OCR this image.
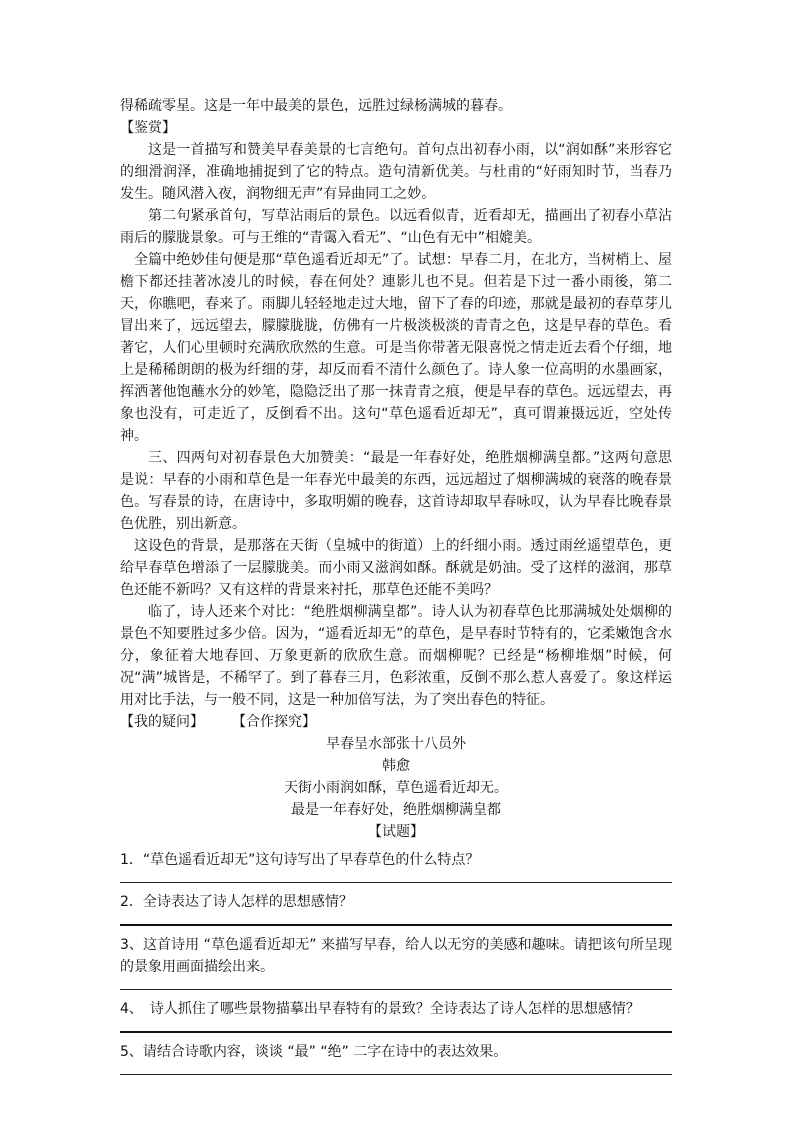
得稀疏零星。这是一年中最美的景色，远胜过绿杨满城的暮春。

【鉴赏】

这是一首描写和赞美早春美景的七言绝句。首句点出初春小雨，以“润如酥”来形容它的细滑润泽，准确地捕捉到了它的特点。造句清新优美。与杜甫的“好雨知时节，当春乃发生。随风潜入夜，润物细无声”有异曲同工之妙。

第二句紧承首句，写草沾雨后的景色。以远看似青，近看却无，描画出了初春小草沾雨后的朦胧景象。可与王维的“青霭入看无”、“山色有无中”相媲美。

全篇中绝妙佳句便是那“草色遥看近却无”了。试想：早春二月，在北方，当树梢上、屋檐下都还挂著冰凌儿的时候，春在何处？連影儿也不見。但若是下过一番小雨後，第二天，你瞧吧，春来了。雨脚儿轻轻地走过大地，留下了春的印迹，那就是最初的春草芽儿冒出来了，远远望去，朦朦胧胧，仿佛有一片极淡极淡的青青之色，这是早春的草色。看著它，人们心里顿时充满欣欣然的生意。可是当你带著无限喜悦之情走近去看个仔细，地上是稀稀朗朗的极为纤细的芽，却反而看不清什么颜色了。诗人象一位高明的水墨画家，挥洒著他饱蘸水分的妙笔，隐隐泛出了那一抹青青之痕，便是早春的草色。远远望去，再象也没有，可走近了，反倒看不出。这句“草色遥看近却无”，真可谓兼摄远近，空处传神。

三、四两句对初春景色大加赞美：“最是一年春好处，绝胜烟柳满皇都。”这两句意思是说：早春的小雨和草色是一年春光中最美的东西，远远超过了烟柳满城的衰落的晚春景色。写春景的诗，在唐诗中，多取明媚的晚春，这首诗却取早春咏叹，认为早春比晚春景色优胜，别出新意。

这设色的背景，是那落在天街（皇城中的街道）上的纤细小雨。透过雨丝遥望草色，更给早春草色增添了一层朦胧美。而小雨又滋润如酥。酥就是奶油。受了这样的滋润，那草色还能不新吗？又有这样的背景来衬托，那草色还能不美吗？

临了，诗人还来个对比：“绝胜烟柳满皇都”。诗人认为初春草色比那满城处处烟柳的景色不知要胜过多少倍。因为，“遥看近却无”的草色，是早春时节特有的，它柔嫩饱含水分，象征着大地春回、万象更新的欣欣生意。而烟柳呢？已经是“杨柳堆烟”时候，何况“满”城皆是，不稀罕了。到了暮春三月，色彩浓重，反倒不那么惹人喜爱了。象这样运用对比手法，与一般不同，这是一种加倍写法，为了突出春色的特征。

【我的疑问】 【合作探究】

早春呈水部张十八员外

韩愈

天街小雨润如酥，草色遥看近却无。

最是一年春好处，绝胜烟柳满皇都

【试题】

1．“草色遥看近却无”这句诗写出了早春草色的什么特点？

2．全诗表达了诗人怎样的思想感情？

3、这首诗用 “草色遥看近却无” 来描写早春，给人以无穷的美感和趣味。请把该句所呈现的景象用画面描绘出来。

4、　诗人抓住了哪些景物描摹出早春特有的景致？全诗表达了诗人怎样的思想感情？

5、请结合诗歌内容，谈谈 “最” “绝” 二字在诗中的表达效果。
